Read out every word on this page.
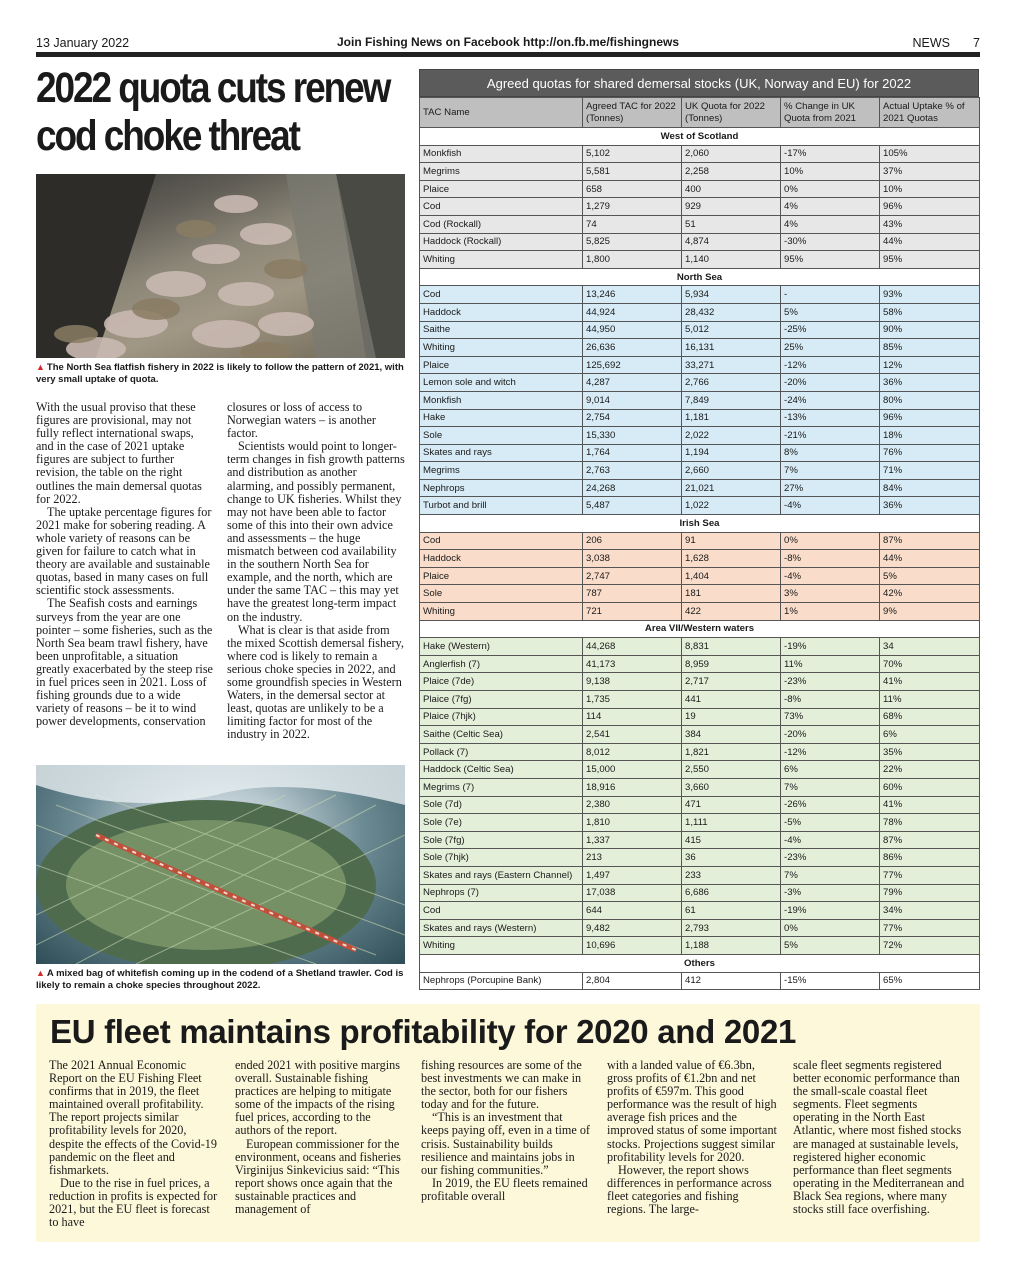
Join Fishing News on Facebook http://on.fb.me/fishingnews
13 January 2022	NEWS 7
2022 quota cuts renew
cod choke threat
▲ The North Sea flatfish fishery in 2022 is likely to follow the pattern of 2021, with very small uptake of quota.

With the usual proviso that these figures are provisional, may not fully reflect international swaps, and in the case of 2021 uptake figures are subject to further revision, the table on the right outlines the main demersal quotas for 2022.

The uptake percentage figures for 2021 make for sobering reading. A whole variety of reasons can be given for failure to catch what in theory are available and sustainable quotas, based in many cases on full scientific stock assessments.

The Seafish costs and earnings surveys from the year are one pointer – some fisheries, such as the North Sea beam trawl fishery, have been unprofitable, a situation greatly exacerbated by the steep rise in fuel prices seen in 2021. Loss of fishing grounds due to a wide variety of reasons – be it to wind power developments, conservation

closures or loss of access to Norwegian waters – is another factor.

Scientists would point to longer-term changes in fish growth patterns and distribution as another alarming, and possibly permanent, change to UK fisheries. Whilst they may not have been able to factor some of this into their own advice and assessments – the huge mismatch between cod availability in the southern North Sea for example, and the north, which are under the same TAC – this may yet have the greatest long-term impact on the industry.

What is clear is that aside from the mixed Scottish demersal fishery, where cod is likely to remain a serious choke species in 2022, and some groundfish species in Western Waters, in the demersal sector at least, quotas are unlikely to be a limiting factor for most of the industry in 2022.

▲ A mixed bag of whitefish coming up in the codend of a Shetland trawler. Cod is likely to remain a choke species throughout 2022.
Agreed quotas for shared demersal stocks (UK, Norway and EU) for 2022
TAC Name	Agreed TAC for 2022 (Tonnes)	UK Quota for 2022 (Tonnes)	% Change in UK Quota from 2021	Actual Uptake % of 2021 Quotas
West of Scotland				
Monkfish	5,102	2,060	-17%	105%
Megrims	5,581	2,258	10%	37%
Plaice	658	400	0%	10%
Cod	1,279	929	4%	96%
Cod (Rockall)	74	51	4%	43%
Haddock (Rockall)	5,825	4,874	-30%	44%
Whiting	1,800	1,140	95%	95%
North Sea				
Cod	13,246	5,934	-	93%
Haddock	44,924	28,432	5%	58%
Saithe	44,950	5,012	-25%	90%
Whiting	26,636	16,131	25%	85%
Plaice	125,692	33,271	-12%	12%
Lemon sole and witch	4,287	2,766	-20%	36%
Monkfish	9,014	7,849	-24%	80%
Hake	2,754	1,181	-13%	96%
Sole	15,330	2,022	-21%	18%
Skates and rays	1,764	1,194	8%	76%
Megrims	2,763	2,660	7%	71%
Nephrops	24,268	21,021	27%	84%
Turbot and brill	5,487	1,022	-4%	36%
Irish Sea				
Cod	206	91	0%	87%
Haddock	3,038	1,628	-8%	44%
Plaice	2,747	1,404	-4%	5%
Sole	787	181	3%	42%
Whiting	721	422	1%	9%
Area VII/Western waters				
Hake (Western)	44,268	8,831	-19%	34
Anglerfish (7)	41,173	8,959	11%	70%
Plaice (7de)	9,138	2,717	-23%	41%
Plaice (7fg)	1,735	441	-8%	11%
Plaice (7hjk)	114	19	73%	68%
Saithe (Celtic Sea)	2,541	384	-20%	6%
Pollack (7)	8,012	1,821	-12%	35%
Haddock (Celtic Sea)	15,000	2,550	6%	22%
Megrims (7)	18,916	3,660	7%	60%
Sole (7d)	2,380	471	-26%	41%
Sole (7e)	1,810	1,111	-5%	78%
Sole (7fg)	1,337	415	-4%	87%
Sole (7hjk)	213	36	-23%	86%
Skates and rays (Eastern Channel)	1,497	233	7%	77%
Nephrops (7)	17,038	6,686	-3%	79%
Cod	644	61	-19%	34%
Skates and rays (Western)	9,482	2,793	0%	77%
Whiting	10,696	1,188	5%	72%
Others				
Nephrops (Porcupine Bank)	2,804	412	-15%	65%
EU fleet maintains profitability for 2020 and 2021

The 2021 Annual Economic Report on the EU Fishing Fleet confirms that in 2019, the fleet maintained overall profitability. The report projects similar profitability levels for 2020, despite the effects of the Covid-19 pandemic on the fleet and fishmarkets.

Due to the rise in fuel prices, a reduction in profits is expected for 2021, but the EU fleet is forecast to have

ended 2021 with positive margins overall. Sustainable fishing practices are helping to mitigate some of the impacts of the rising fuel prices, according to the authors of the report.

European commissioner for the environment, oceans and fisheries Virginijus Sinkevicius said: “This report shows once again that the sustainable practices and management of

fishing resources are some of the best investments we can make in the sector, both for our fishers today and for the future.

“This is an investment that keeps paying off, even in a time of crisis. Sustainability builds resilience and maintains jobs in our fishing communities.”

In 2019, the EU fleets remained profitable overall

with a landed value of €6.3bn, gross profits of €1.2bn and net profits of €597m. This good performance was the result of high average fish prices and the improved status of some important stocks. Projections suggest similar profitability levels for 2020.

However, the report shows differences in performance across fleet categories and fishing regions. The large-

scale fleet segments registered better economic performance than the small-scale coastal fleet segments. Fleet segments operating in the North East Atlantic, where most fished stocks are managed at sustainable levels, registered higher economic performance than fleet segments operating in the Mediterranean and Black Sea regions, where many stocks still face overfishing.
